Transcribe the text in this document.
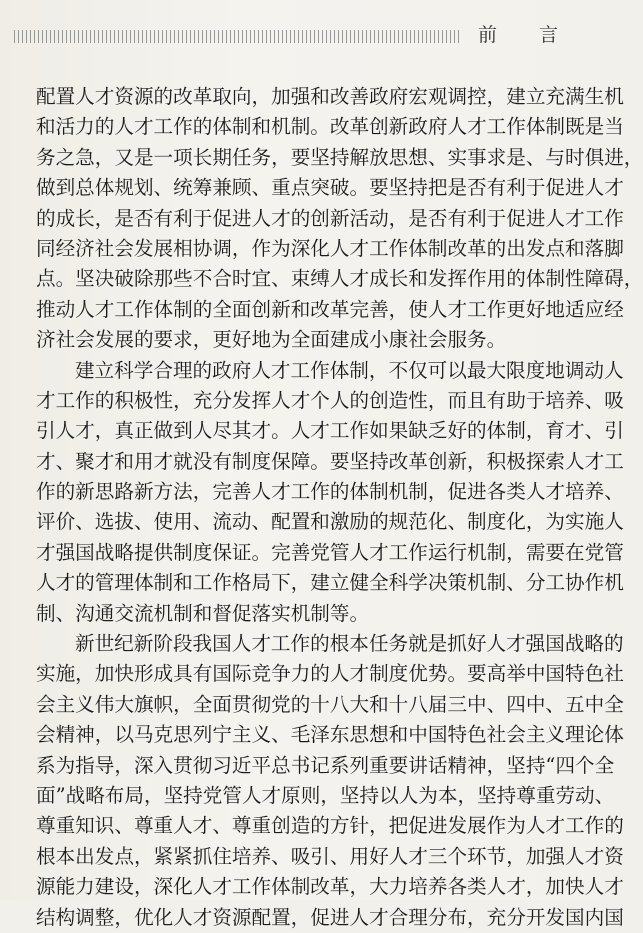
前 言
配置人才资源的改革取向，加强和改善政府宏观调控，建立充满生机
和活力的人才工作的体制和机制。改革创新政府人才工作体制既是当
务之急，又是一项长期任务，要坚持解放思想、实事求是、与时俱进，
做到总体规划、统筹兼顾、重点突破。要坚持把是否有利于促进人才
的成长，是否有利于促进人才的创新活动，是否有利于促进人才工作
同经济社会发展相协调，作为深化人才工作体制改革的出发点和落脚
点。坚决破除那些不合时宜、束缚人才成长和发挥作用的体制性障碍，
推动人才工作体制的全面创新和改革完善，使人才工作更好地适应经
济社会发展的要求，更好地为全面建成小康社会服务。
建立科学合理的政府人才工作体制，不仅可以最大限度地调动人
才工作的积极性，充分发挥人才个人的创造性，而且有助于培养、吸
引人才，真正做到人尽其才。人才工作如果缺乏好的体制，育才、引
才、聚才和用才就没有制度保障。要坚持改革创新，积极探索人才工
作的新思路新方法，完善人才工作的体制机制，促进各类人才培养、
评价、选拔、使用、流动、配置和激励的规范化、制度化，为实施人
才强国战略提供制度保证。完善党管人才工作运行机制，需要在党管
人才的管理体制和工作格局下，建立健全科学决策机制、分工协作机
制、沟通交流机制和督促落实机制等。
新世纪新阶段我国人才工作的根本任务就是抓好人才强国战略的
实施，加快形成具有国际竞争力的人才制度优势。要高举中国特色社
会主义伟大旗帜，全面贯彻党的十八大和十八届三中、四中、五中全
会精神，以马克思列宁主义、毛泽东思想和中国特色社会主义理论体
系为指导，深入贯彻习近平总书记系列重要讲话精神，坚持“四个全
面”战略布局，坚持党管人才原则，坚持以人为本，坚持尊重劳动、
尊重知识、尊重人才、尊重创造的方针，把促进发展作为人才工作的
根本出发点，紧紧抓住培养、吸引、用好人才三个环节，加强人才资
源能力建设，深化人才工作体制改革，大力培养各类人才，加快人才
结构调整，优化人才资源配置，促进人才合理分布，充分开发国内国
